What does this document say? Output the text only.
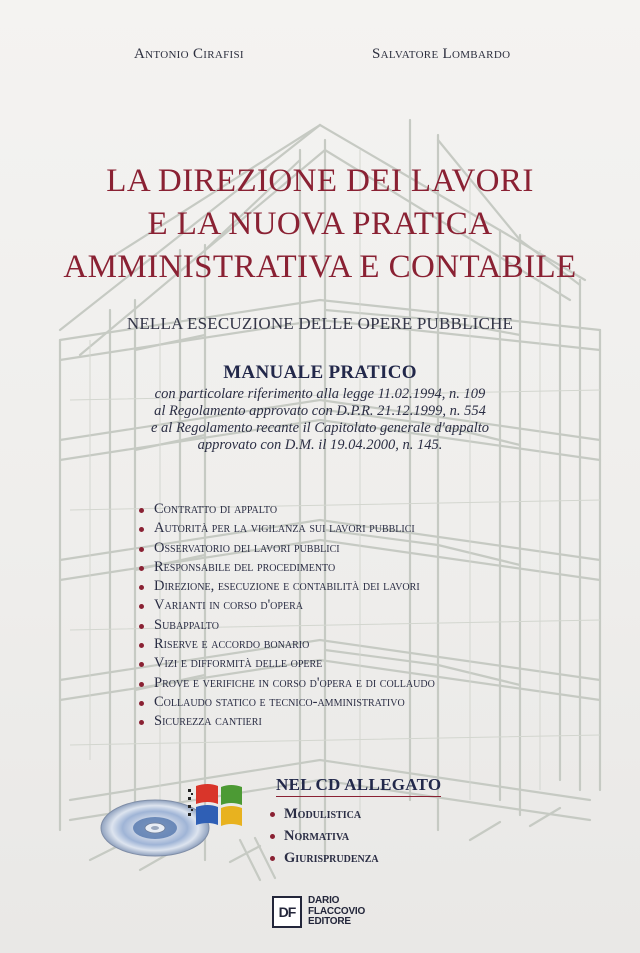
Antonio Cirafisi	Salvatore Lombardo
LA DIREZIONE DEI LAVORI
E LA NUOVA PRATICA
AMMINISTRATIVA E CONTABILE
NELLA ESECUZIONE DELLE OPERE PUBBLICHE
MANUALE PRATICO
con particolare riferimento alla legge 11.02.1994, n. 109
al Regolamento approvato con D.P.R. 21.12.1999, n. 554
e al Regolamento recante il Capitolato generale d'appalto
approvato con D.M. il 19.04.2000, n. 145.
Contratto di appalto
Autorità per la vigilanza sui lavori pubblici
Osservatorio dei lavori pubblici
Responsabile del procedimento
Direzione, esecuzione e contabilità dei lavori
Varianti in corso d'opera
Subappalto
Riserve e accordo bonario
Vizi e difformità delle opere
Prove e verifiche in corso d'opera e di collaudo
Collaudo statico e tecnico-amministrativo
Sicurezza cantieri
NEL CD ALLEGATO
Modulistica
Normativa
Giurisprudenza
DF
DARIO
FLACCOVIO
EDITORE
